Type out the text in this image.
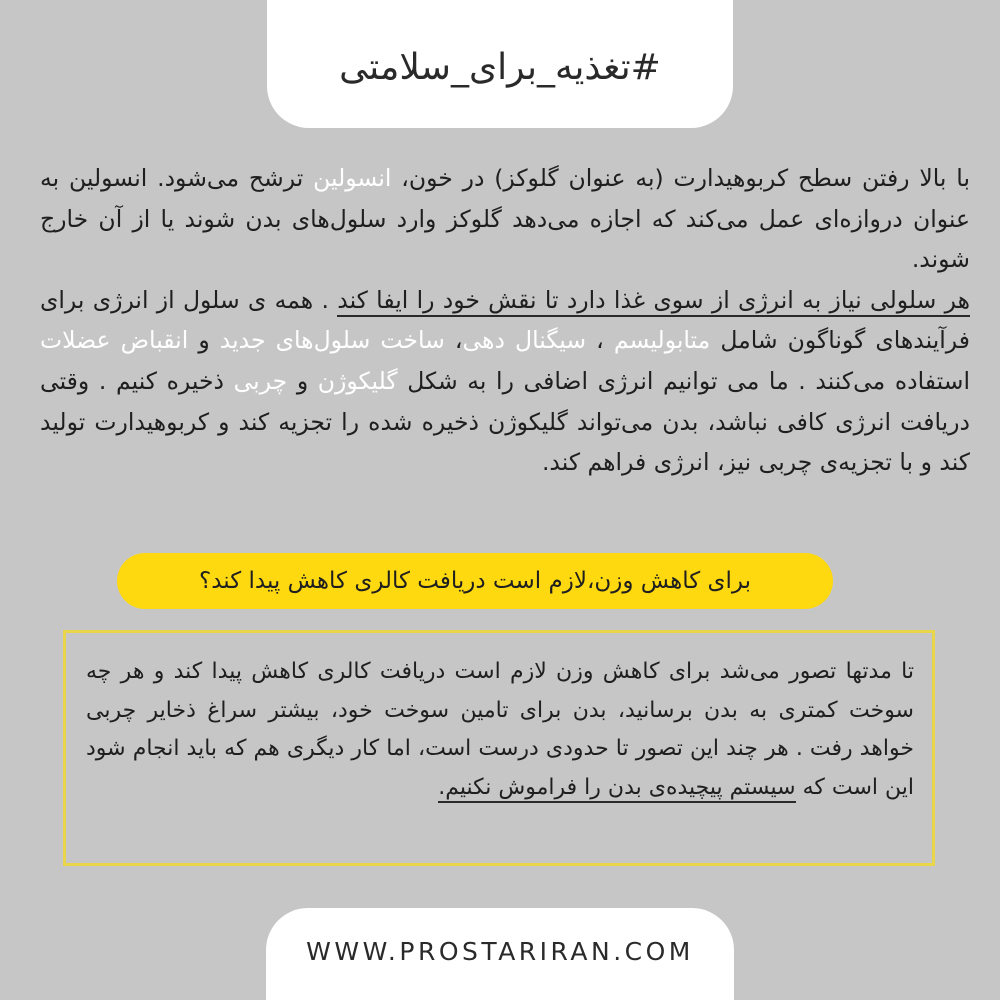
#تغذیه_برای_سلامتی

با بالا رفتن سطح کربوهیدارت (به عنوان گلوکز) در خون، انسولین ترشح می‌شود. انسولین به عنوان دروازه‌ای عمل می‌کند که اجازه می‌دهد گلوکز وارد سلول‌های بدن شوند یا از آن خارج شوند.

هر سلولی نیاز به انرژی از سوی غذا دارد تا نقش خود را ایفا کند . همه ی سلول از انرژی برای فرآیندهای گوناگون شامل متابولیسم ، سیگنال دهی، ساخت سلول‌های جدید و انقباض عضلات استفاده می‌کنند . ما می توانیم انرژی اضافی را به شکل گلیکوژن و چربی ذخیره کنیم . وقتی دریافت انرژی کافی نباشد، بدن می‌تواند گلیکوژن ذخیره شده را تجزیه کند و کربوهیدارت تولید کند و با تجزیه‌ی چربی نیز، انرژی فراهم کند.

برای کاهش وزن،لازم است دریافت کالری کاهش پیدا کند؟

تا مدتها تصور می‌شد برای کاهش وزن لازم است دریافت کالری کاهش پیدا کند و هر چه سوخت کمتری به بدن برسانید، بدن برای تامین سوخت خود، بیشتر سراغ ذخایر چربی خواهد رفت . هر چند این تصور تا حدودی درست است، اما کار دیگری هم که باید انجام شود این است که سیستم پیچیده‌ی بدن را فراموش نکنیم.

WWW.PROSTARIRAN.COM
